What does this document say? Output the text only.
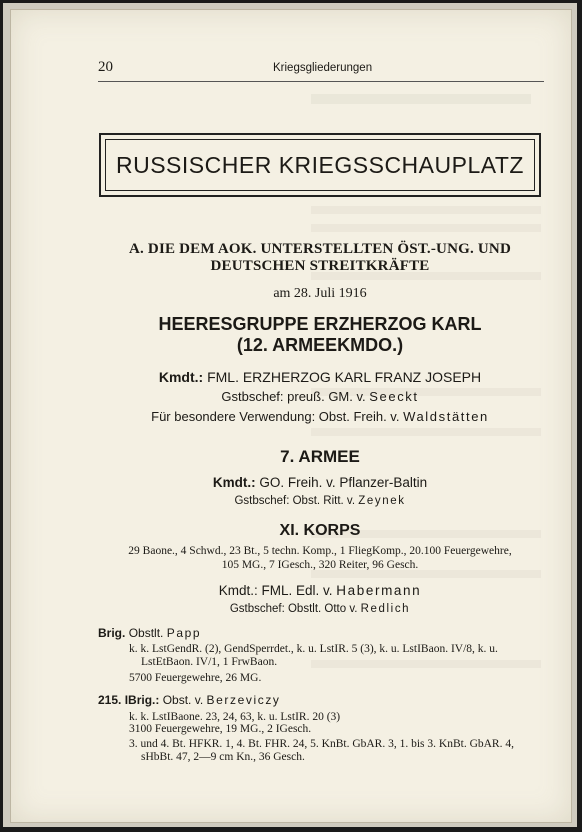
20	Kriegsgliederungen
RUSSISCHER KRIEGSSCHAUPLATZ
A. DIE DEM AOK. UNTERSTELLTEN ÖST.-UNG. UND
DEUTSCHEN STREITKRÄFTE
am 28. Juli 1916
HEERESGRUPPE ERZHERZOG KARL
(12. ARMEEKMDO.)
Kmdt.: FML. ERZHERZOG KARL FRANZ JOSEPH
Gstbschef: preuß. GM. v. Seeckt
Für besondere Verwendung: Obst. Freih. v. Waldstätten
7. ARMEE
Kmdt.: GO. Freih. v. Pflanzer-Baltin
Gstbschef: Obst. Ritt. v. Zeynek
XI. KORPS
29 Baone., 4 Schwd., 23 Bt., 5 techn. Komp., 1 FliegKomp., 20.100 Feuergewehre,
105 MG., 7 IGesch., 320 Reiter, 96 Gesch.
Kmdt.: FML. Edl. v. Habermann
Gstbschef: Obstlt. Otto v. Redlich
Brig. Obstlt. Papp
k. k. LstGendR. (2), GendSperrdet., k. u. LstIR. 5 (3), k. u. LstIBaon. IV/8, k. u.
LstEtBaon. IV/1, 1 FrwBaon.
5700 Feuergewehre, 26 MG.
215. IBrig.: Obst. v. Berzeviczy
k. k. LstIBaone. 23, 24, 63, k. u. LstIR. 20 (3)
3100 Feuergewehre, 19 MG., 2 IGesch.
3. und 4. Bt. HFKR. 1, 4. Bt. FHR. 24, 5. KnBt. GbAR. 3, 1. bis 3. KnBt. GbAR. 4,
sHbBt. 47, 2—9 cm Kn., 36 Gesch.
